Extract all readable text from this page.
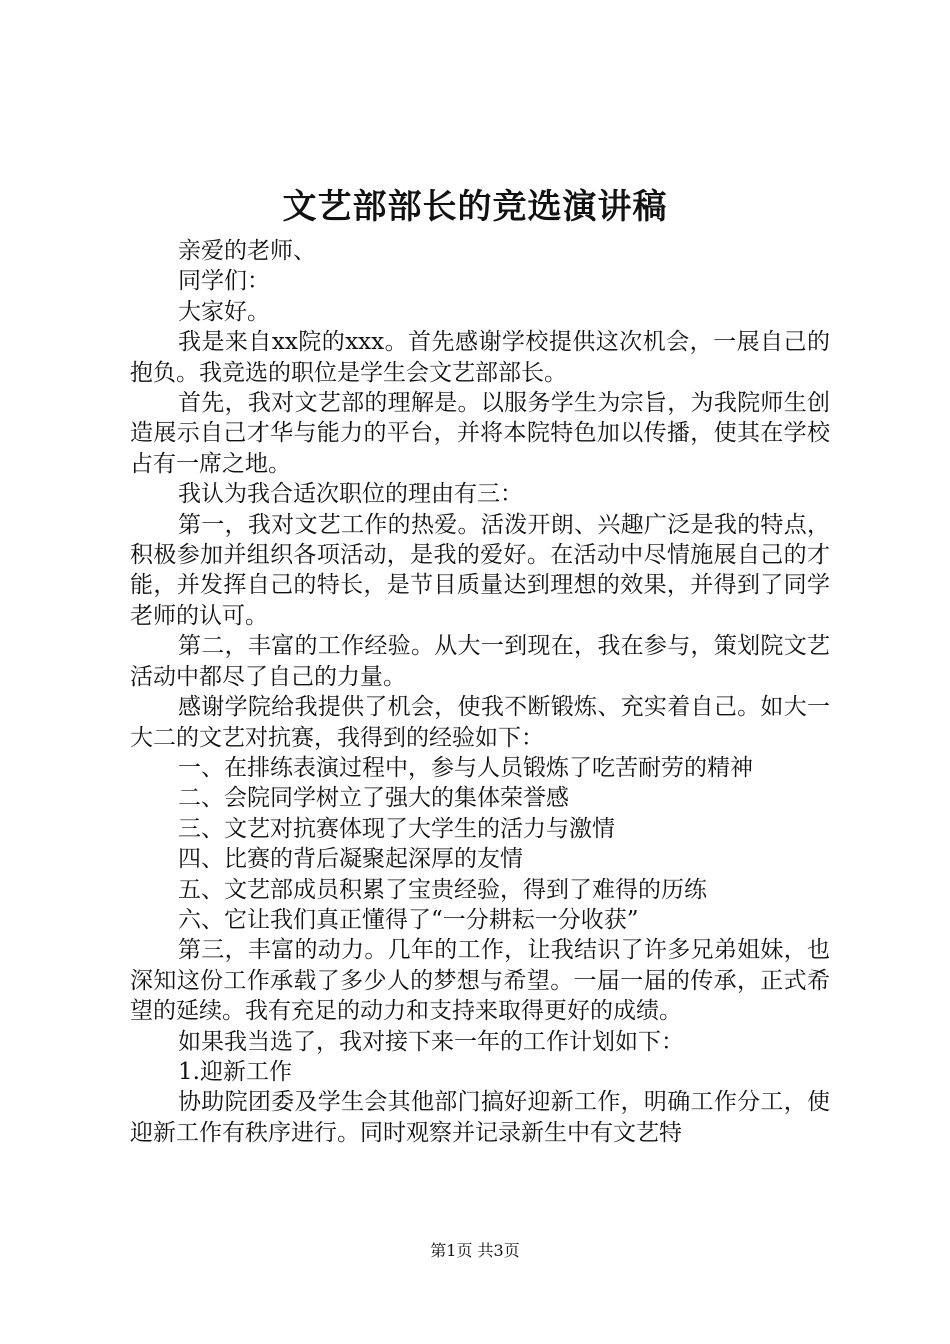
文艺部部长的竞选演讲稿

亲爱的老师、

同学们：

大家好。

我是来自xx院的xxx。首先感谢学校提供这次机会，一展自己的抱负。我竞选的职位是学生会文艺部部长。

首先，我对文艺部的理解是。以服务学生为宗旨，为我院师生创造展示自己才华与能力的平台，并将本院特色加以传播，使其在学校占有一席之地。

我认为我合适次职位的理由有三：

第一，我对文艺工作的热爱。活泼开朗、兴趣广泛是我的特点，积极参加并组织各项活动，是我的爱好。在活动中尽情施展自己的才能，并发挥自己的特长，是节目质量达到理想的效果，并得到了同学老师的认可。

第二，丰富的工作经验。从大一到现在，我在参与，策划院文艺活动中都尽了自己的力量。

感谢学院给我提供了机会，使我不断锻炼、充实着自己。如大一大二的文艺对抗赛，我得到的经验如下：

一、在排练表演过程中，参与人员锻炼了吃苦耐劳的精神

二、会院同学树立了强大的集体荣誉感

三、文艺对抗赛体现了大学生的活力与激情

四、比赛的背后凝聚起深厚的友情

五、文艺部成员积累了宝贵经验，得到了难得的历练

六、它让我们真正懂得了“一分耕耘一分收获”

第三，丰富的动力。几年的工作，让我结识了许多兄弟姐妹，也深知这份工作承载了多少人的梦想与希望。一届一届的传承，正式希望的延续。我有充足的动力和支持来取得更好的成绩。

如果我当选了，我对接下来一年的工作计划如下：

1.迎新工作

协助院团委及学生会其他部门搞好迎新工作，明确工作分工，使迎新工作有秩序进行。同时观察并记录新生中有文艺特

第1页 共3页
